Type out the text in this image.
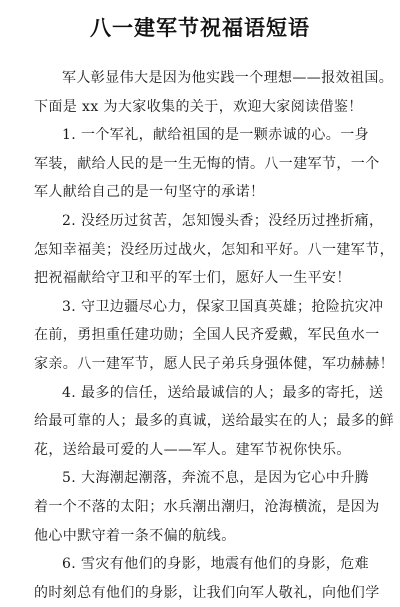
八一建军节祝福语短语

军人彰显伟大是因为他实践一个理想——报效祖国。

下面是 xx 为大家收集的关于，欢迎大家阅读借鉴！

1. 一个军礼，献给祖国的是一颗赤诚的心。一身

军装，献给人民的是一生无悔的情。八一建军节，一个
军人献给自己的是一句坚守的承诺！

2. 没经历过贫苦，怎知馒头香；没经历过挫折痛，

怎知幸福美；没经历过战火，怎知和平好。八一建军节，
把祝福献给守卫和平的军士们，愿好人一生平安！

3. 守卫边疆尽心力，保家卫国真英雄；抢险抗灾冲

在前，勇担重任建功勋；全国人民齐爱戴，军民鱼水一
家亲。八一建军节，愿人民子弟兵身强体健，军功赫赫！

4. 最多的信任，送给最诚信的人；最多的寄托，送

给最可靠的人；最多的真诚，送给最实在的人；最多的鲜
花，送给最可爱的人——军人。建军节祝你快乐。

5. 大海潮起潮落，奔流不息，是因为它心中升腾

着一个不落的太阳；水兵潮出潮归，沧海横流，是因为
他心中默守着一条不偏的航线。

6. 雪灾有他们的身影，地震有他们的身影，危难

的时刻总有他们的身影，让我们向军人敬礼，向他们学
